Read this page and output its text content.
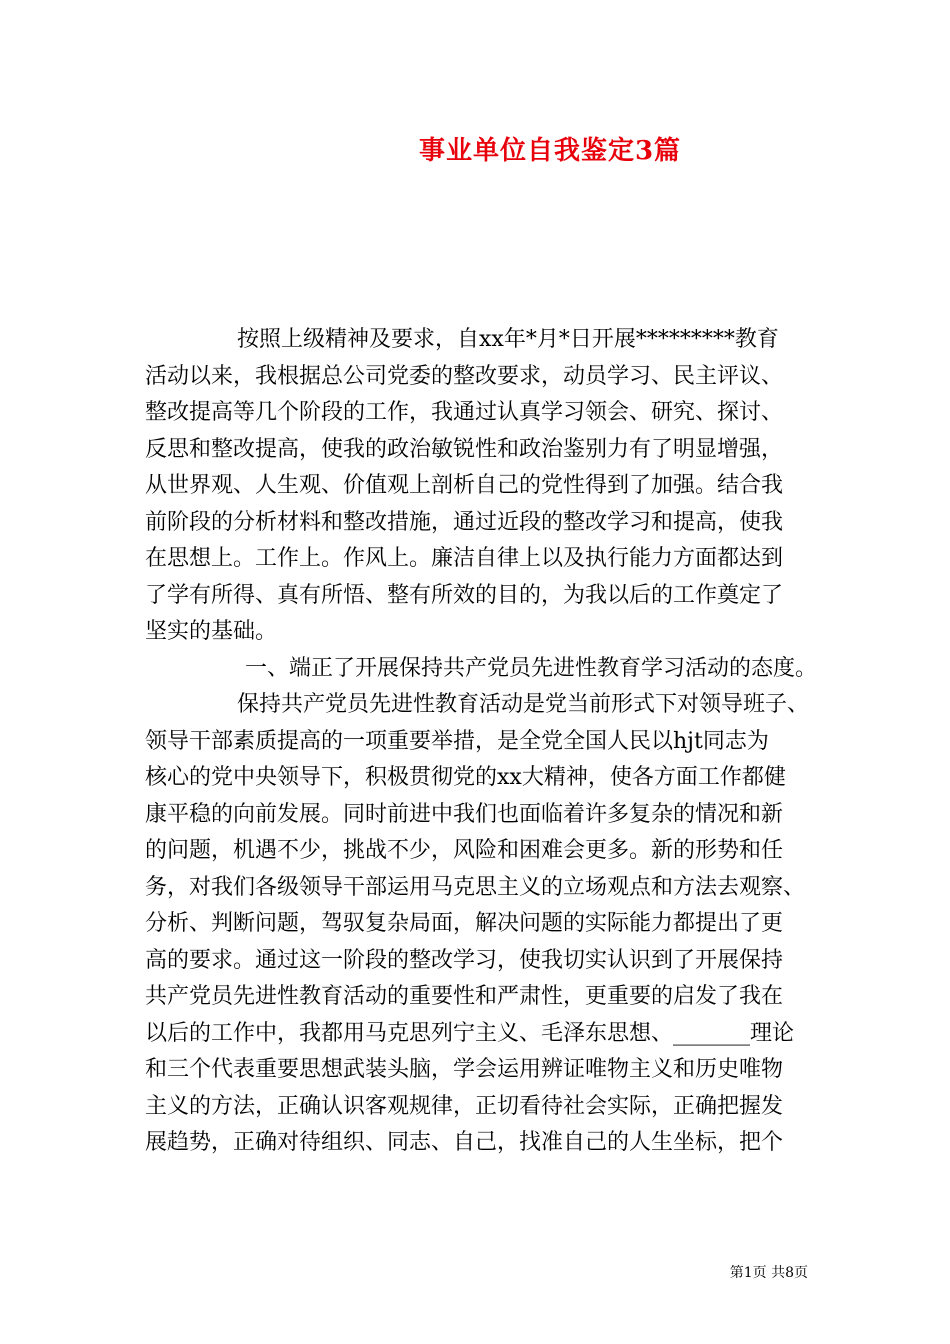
事业单位自我鉴定3篇
按照上级精神及要求，自xx年*月*日开展*********教育
活动以来，我根据总公司党委的整改要求，动员学习、民主评议、
整改提高等几个阶段的工作，我通过认真学习领会、研究、探讨、
反思和整改提高，使我的政治敏锐性和政治鉴别力有了明显增强，
从世界观、人生观、价值观上剖析自己的党性得到了加强。结合我
前阶段的分析材料和整改措施，通过近段的整改学习和提高，使我
在思想上。工作上。作风上。廉洁自律上以及执行能力方面都达到
了学有所得、真有所悟、整有所效的目的，为我以后的工作奠定了
坚实的基础。
一、端正了开展保持共产党员先进性教育学习活动的态度。
保持共产党员先进性教育活动是党当前形式下对领导班子、
领导干部素质提高的一项重要举措，是全党全国人民以hjt同志为
核心的党中央领导下，积极贯彻党的xx大精神，使各方面工作都健
康平稳的向前发展。同时前进中我们也面临着许多复杂的情况和新
的问题，机遇不少，挑战不少，风险和困难会更多。新的形势和任
务，对我们各级领导干部运用马克思主义的立场观点和方法去观察、
分析、判断问题，驾驭复杂局面，解决问题的实际能力都提出了更
高的要求。通过这一阶段的整改学习，使我切实认识到了开展保持
共产党员先进性教育活动的重要性和严肃性，更重要的启发了我在
以后的工作中，我都用马克思列宁主义、毛泽东思想、_______理论
和三个代表重要思想武装头脑，学会运用辨证唯物主义和历史唯物
主义的方法，正确认识客观规律，正切看待社会实际，正确把握发
展趋势，正确对待组织、同志、自己，找准自己的人生坐标，把个
第1页 共8页
